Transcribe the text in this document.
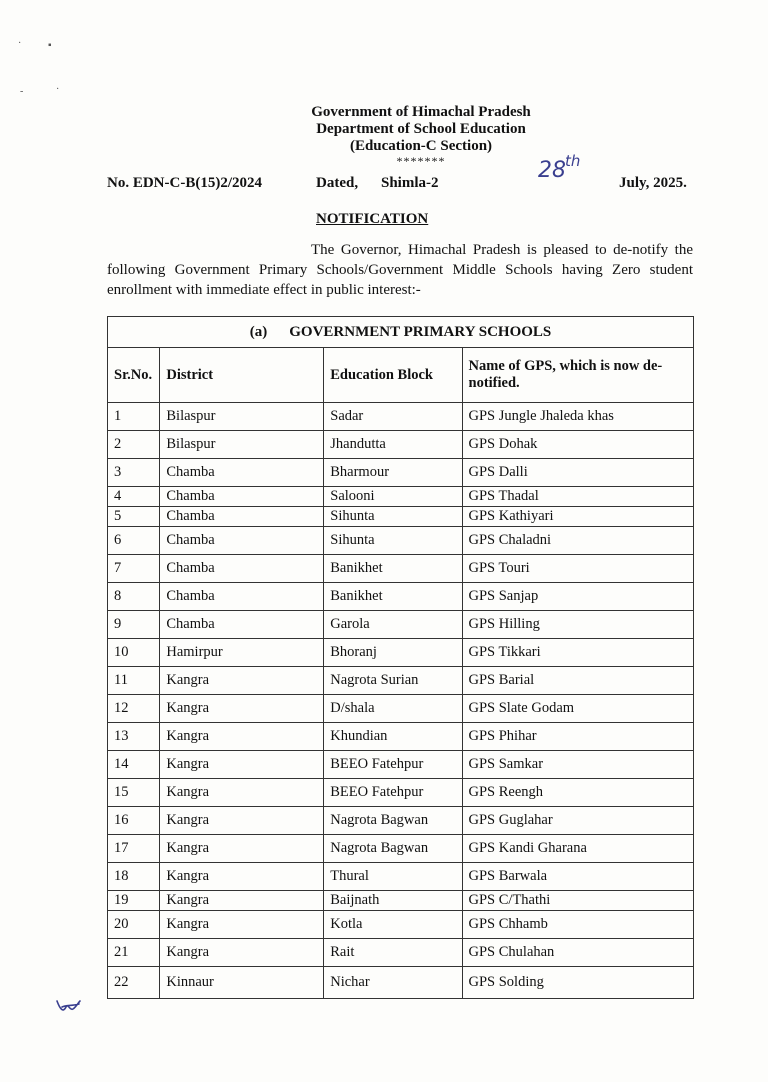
·	▪
-	·
Government of Himachal Pradesh
Department of School Education
(Education-C Section)
*******
No. EDN-C-B(15)2/2024	Dated, Shimla-2	28 th
July, 2025.
NOTIFICATION
The Governor, Himachal Pradesh is pleased to de-notify the following Government Primary Schools/Government Middle Schools having Zero student enrollment with immediate effect in public interest:-
(a) GOVERNMENT PRIMARY SCHOOLS			
Sr.No.	District	Education Block	Name of GPS, which is now de-notified.
1	Bilaspur	Sadar	GPS Jungle Jhaleda khas
2	Bilaspur	Jhandutta	GPS Dohak
3	Chamba	Bharmour	GPS Dalli
4	Chamba	Salooni	GPS Thadal
5	Chamba	Sihunta	GPS Kathiyari
6	Chamba	Sihunta	GPS Chaladni
7	Chamba	Banikhet	GPS Touri
8	Chamba	Banikhet	GPS Sanjap
9	Chamba	Garola	GPS Hilling
10	Hamirpur	Bhoranj	GPS Tikkari
11	Kangra	Nagrota Surian	GPS Barial
12	Kangra	D/shala	GPS Slate Godam
13	Kangra	Khundian	GPS Phihar
14	Kangra	BEEO Fatehpur	GPS Samkar
15	Kangra	BEEO Fatehpur	GPS Reengh
16	Kangra	Nagrota Bagwan	GPS Guglahar
17	Kangra	Nagrota Bagwan	GPS Kandi Gharana
18	Kangra	Thural	GPS Barwala
19	Kangra	Baijnath	GPS C/Thathi
20	Kangra	Kotla	GPS Chhamb
21	Kangra	Rait	GPS Chulahan
22	Kinnaur	Nichar	GPS Solding
